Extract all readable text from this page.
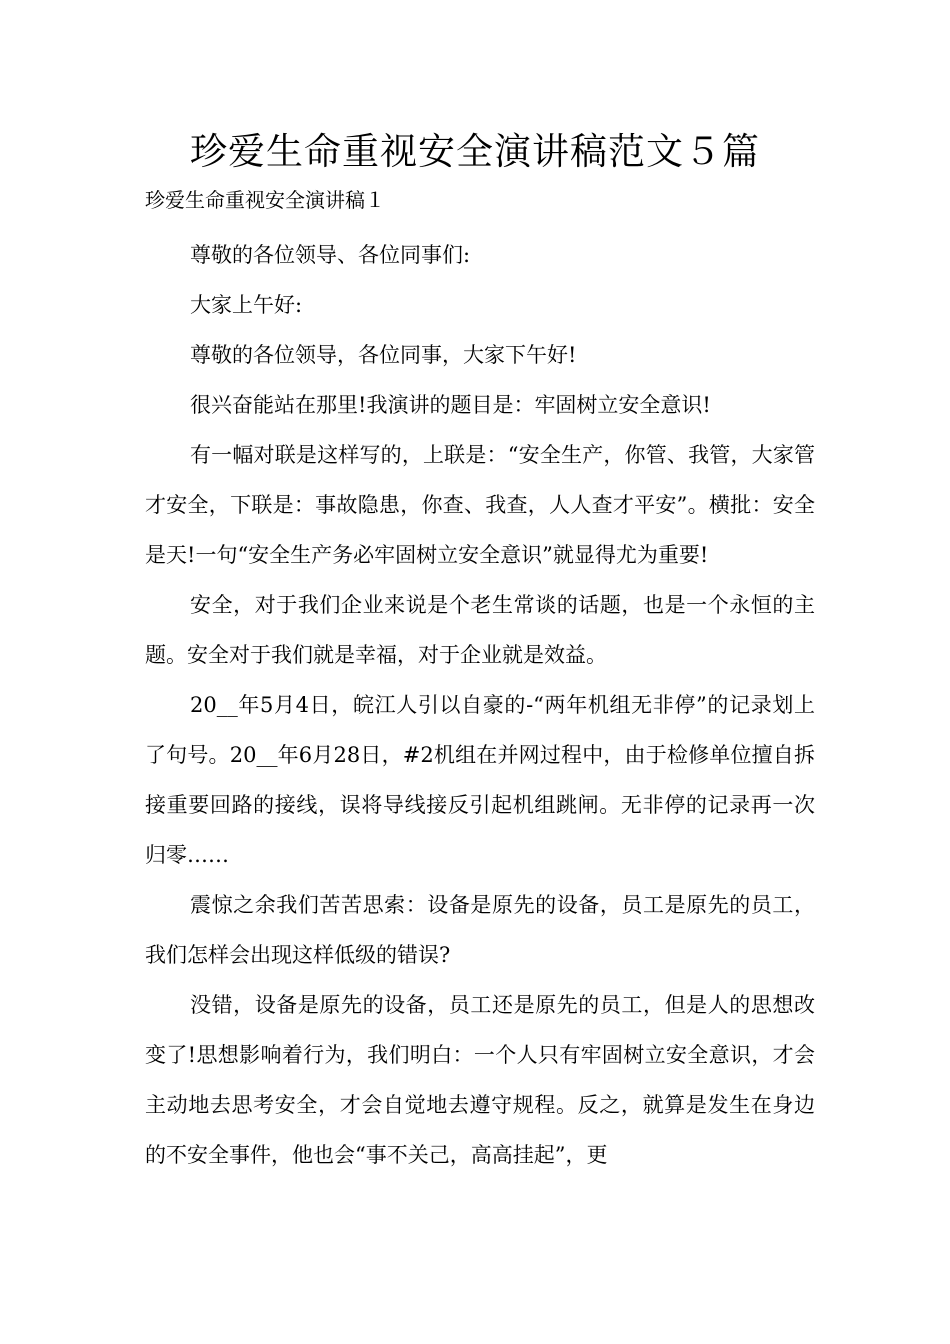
珍爱生命重视安全演讲稿范文５篇
珍爱生命重视安全演讲稿１

尊敬的各位领导、各位同事们:

大家上午好:

尊敬的各位领导，各位同事，大家下午好!

很兴奋能站在那里!我演讲的题目是：牢固树立安全意识!

有一幅对联是这样写的，上联是：“安全生产，你管、我管，大家管才安全，下联是：事故隐患，你查、我查，人人查才平安”。横批：安全是天!一句“安全生产务必牢固树立安全意识”就显得尤为重要!

安全，对于我们企业来说是个老生常谈的话题，也是一个永恒的主题。安全对于我们就是幸福，对于企业就是效益。

20__年5月4日，皖江人引以自豪的-“两年机组无非停”的记录划上了句号。20__年6月28日，#2机组在并网过程中，由于检修单位擅自拆接重要回路的接线，误将导线接反引起机组跳闸。无非停的记录再一次归零……

震惊之余我们苦苦思索：设备是原先的设备，员工是原先的员工，我们怎样会出现这样低级的错误?

没错，设备是原先的设备，员工还是原先的员工，但是人的思想改变了!思想影响着行为，我们明白：一个人只有牢固树立安全意识，才会主动地去思考安全，才会自觉地去遵守规程。反之，就算是发生在身边的不安全事件，他也会“事不关己，高高挂起”，更
